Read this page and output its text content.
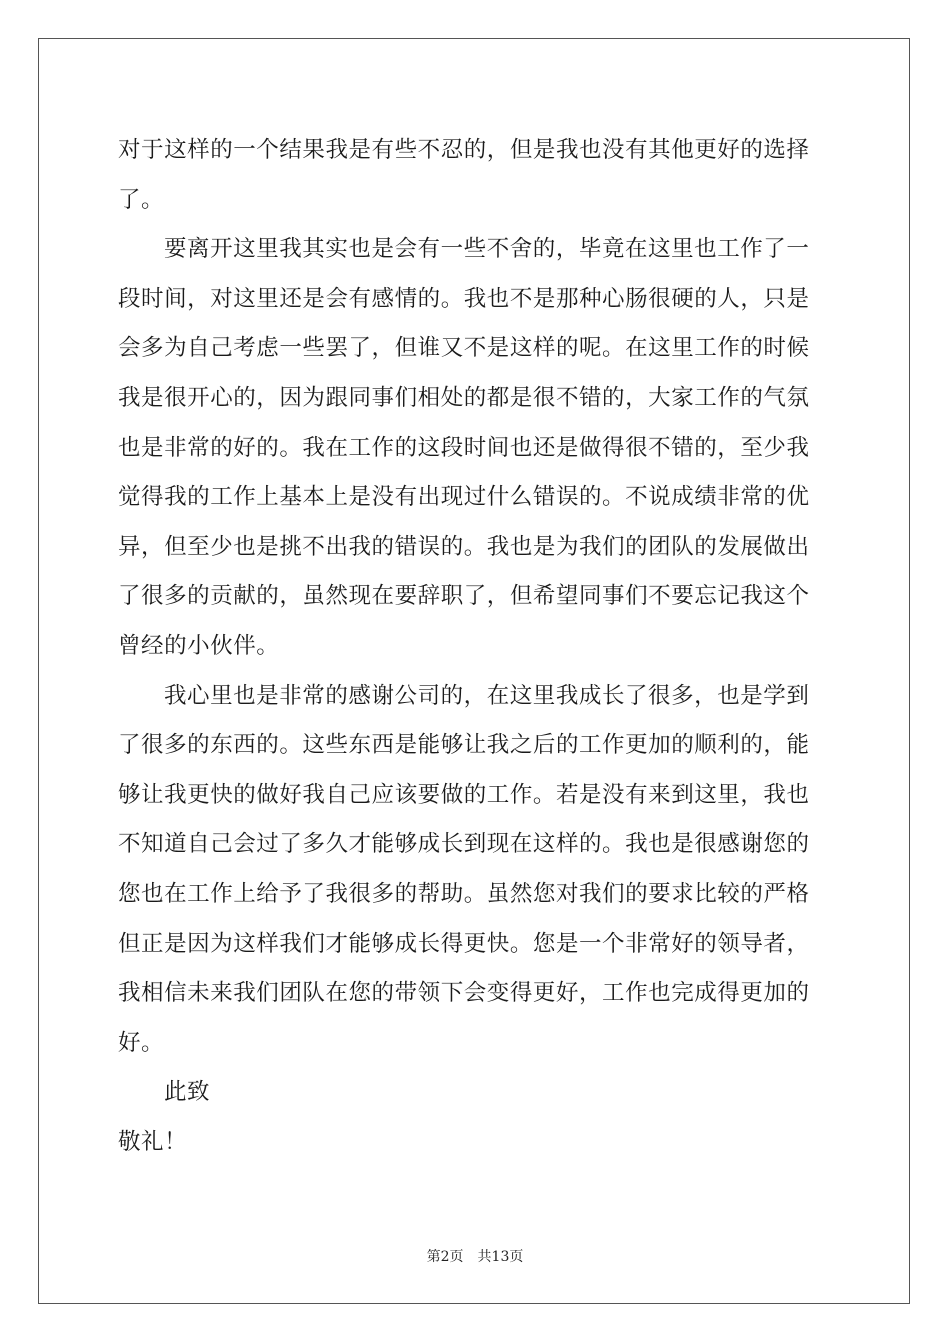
对于这样的一个结果我是有些不忍的，但是我也没有其他更好的选择
了。
要离开这里我其实也是会有一些不舍的，毕竟在这里也工作了一
段时间，对这里还是会有感情的。我也不是那种心肠很硬的人，只是
会多为自己考虑一些罢了，但谁又不是这样的呢。在这里工作的时候
我是很开心的，因为跟同事们相处的都是很不错的，大家工作的气氛
也是非常的好的。我在工作的这段时间也还是做得很不错的，至少我
觉得我的工作上基本上是没有出现过什么错误的。不说成绩非常的优
异，但至少也是挑不出我的错误的。我也是为我们的团队的发展做出
了很多的贡献的，虽然现在要辞职了，但希望同事们不要忘记我这个
曾经的小伙伴。
我心里也是非常的感谢公司的，在这里我成长了很多，也是学到
了很多的东西的。这些东西是能够让我之后的工作更加的顺利的，能
够让我更快的做好我自己应该要做的工作。若是没有来到这里，我也
不知道自己会过了多久才能够成长到现在这样的。我也是很感谢您的
您也在工作上给予了我很多的帮助。虽然您对我们的要求比较的严格
但正是因为这样我们才能够成长得更快。您是一个非常好的领导者，
我相信未来我们团队在您的带领下会变得更好，工作也完成得更加的
好。
此致
敬礼！
第2页 共13页
